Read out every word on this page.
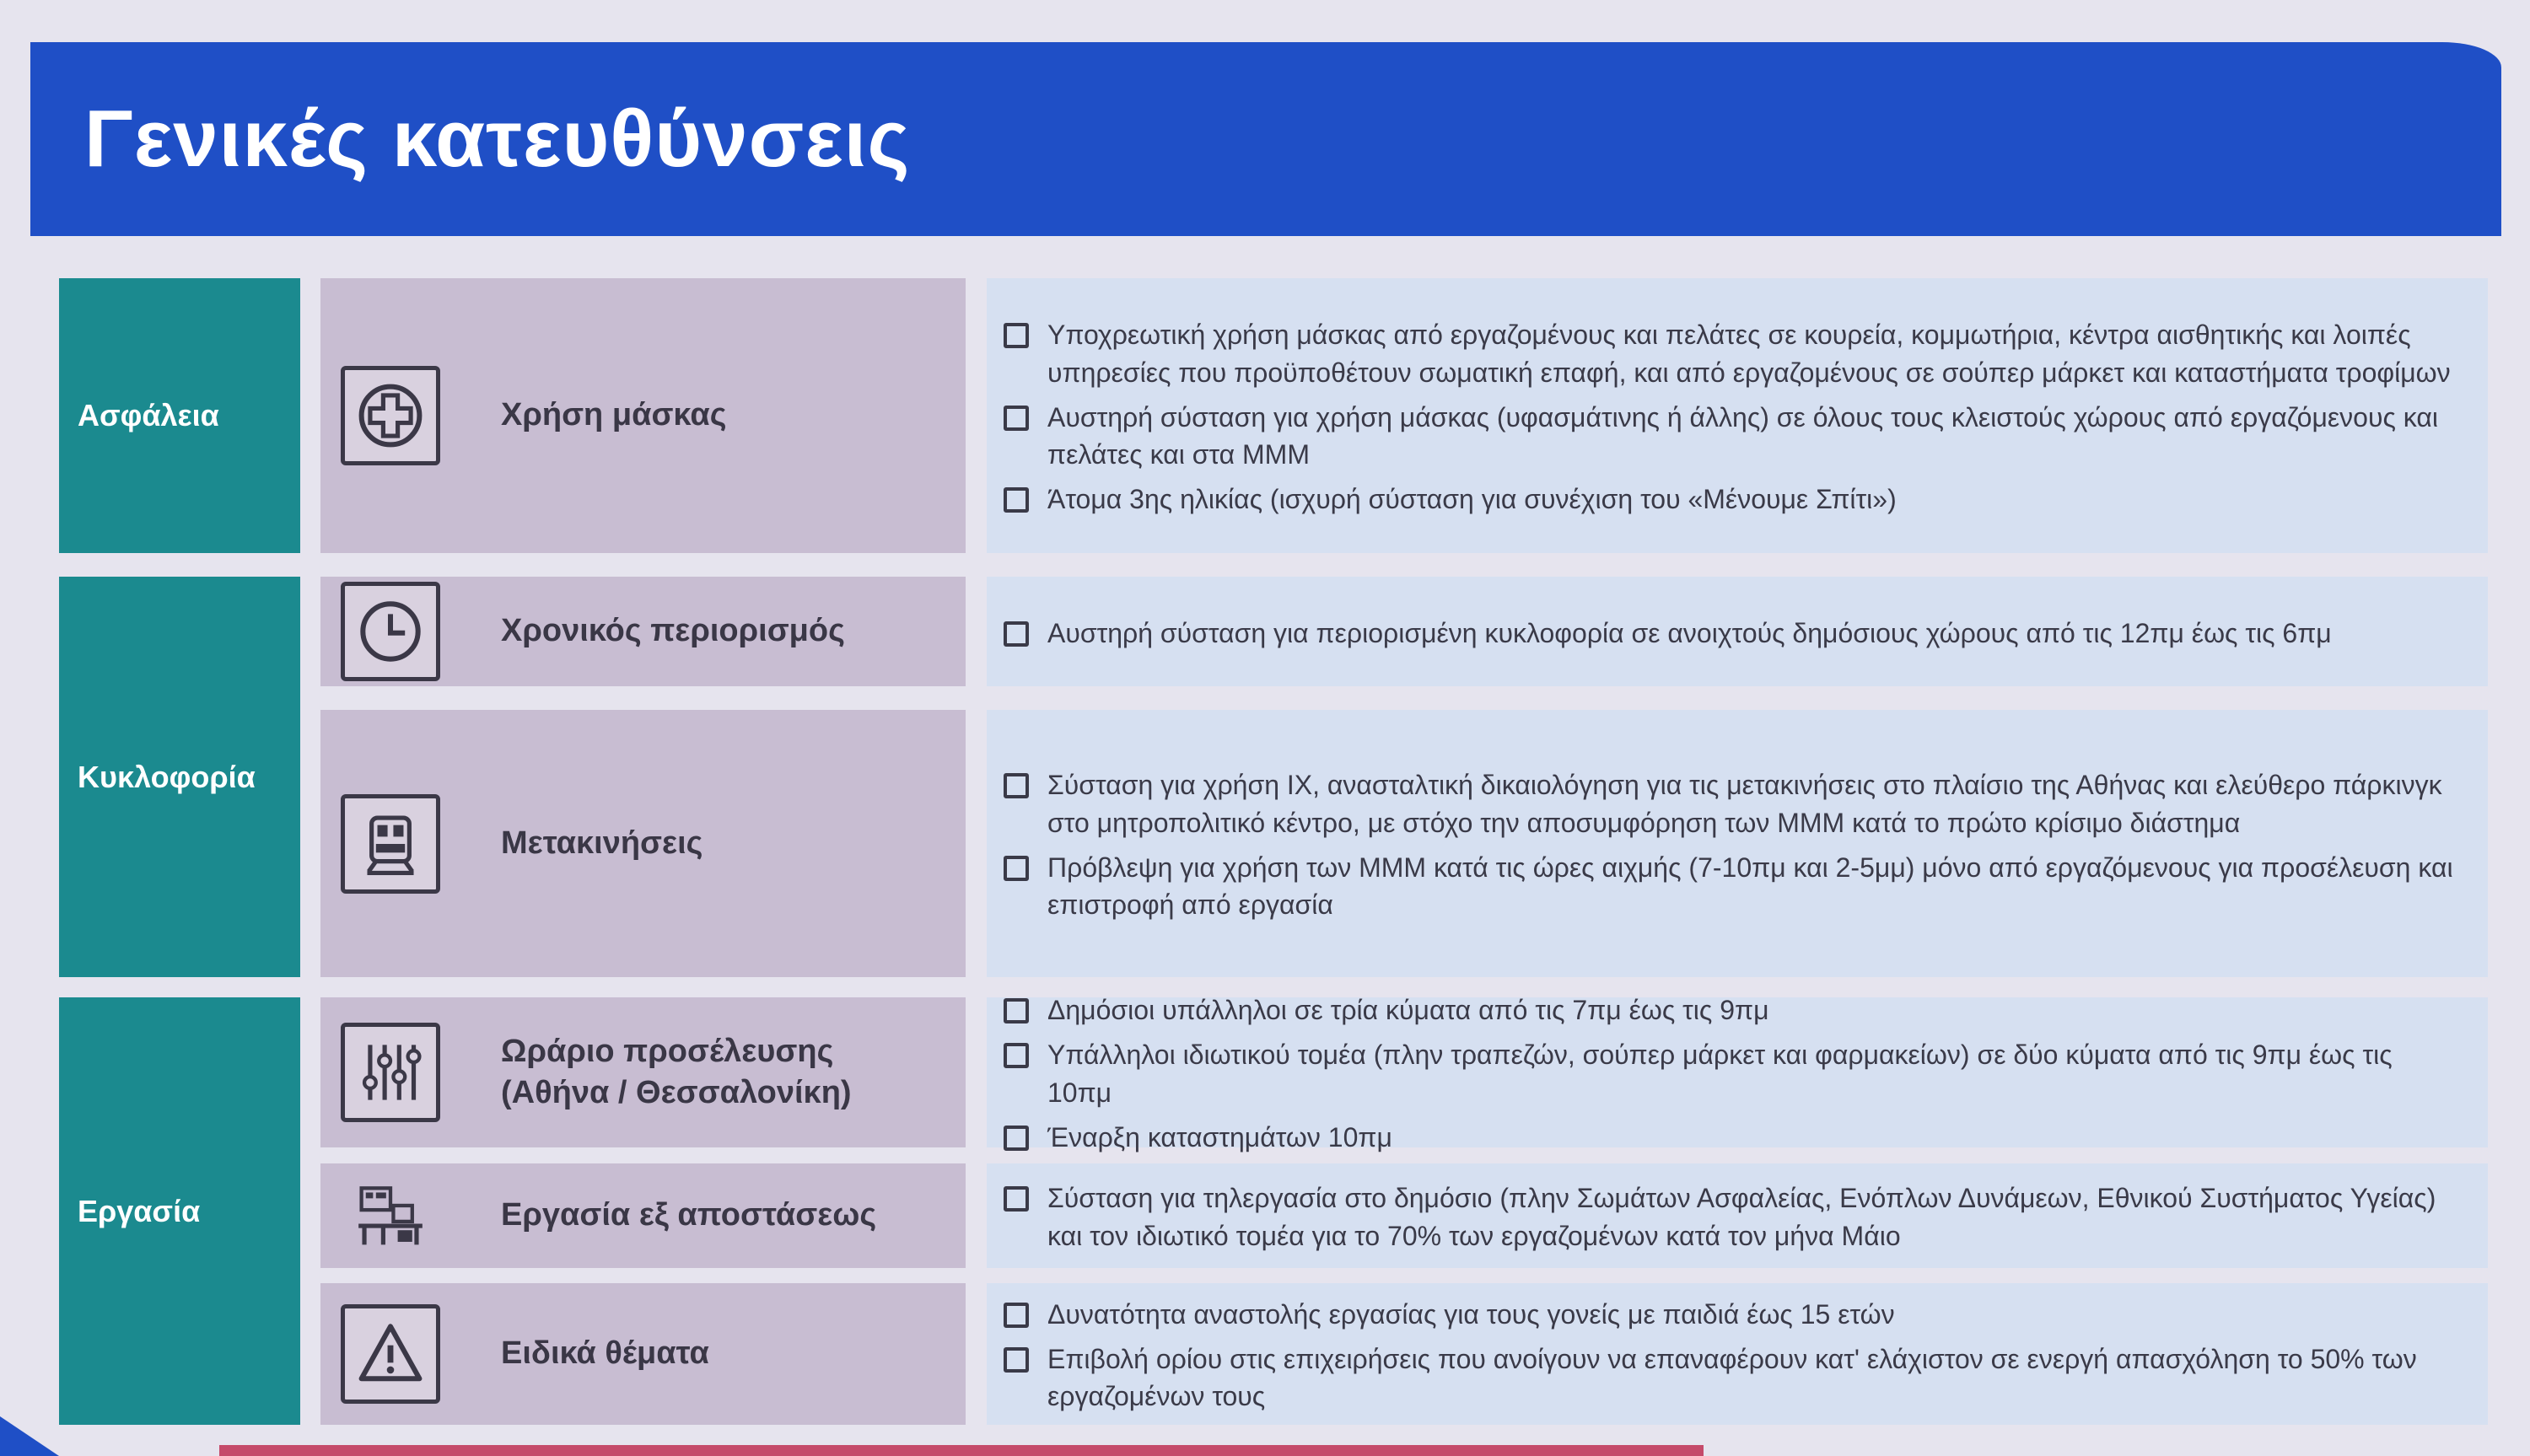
Γενικές κατευθύνσεις
Ασφάλεια
Κυκλοφορία
Εργασία
Χρήση μάσκας
Χρονικός περιορισμός
Μετακινήσεις
Ωράριο προσέλευσης
(Αθήνα / Θεσσαλονίκη)
Εργασία εξ αποστάσεως
Ειδικά θέματα
Υποχρεωτική χρήση μάσκας από εργαζομένους και πελάτες σε κουρεία, κομμωτήρια, κέντρα αισθητικής και λοιπές υπηρεσίες που προϋποθέτουν σωματική επαφή, και από εργαζομένους σε σούπερ μάρκετ και καταστήματα τροφίμων
Αυστηρή σύσταση για χρήση μάσκας (υφασμάτινης ή άλλης) σε όλους τους κλειστούς χώρους από εργαζόμενους και πελάτες και στα ΜΜΜ
Άτομα 3ης ηλικίας (ισχυρή σύσταση για συνέχιση του «Μένουμε Σπίτι»)
Αυστηρή σύσταση για περιορισμένη κυκλοφορία σε ανοιχτούς δημόσιους χώρους από τις 12πμ έως τις 6πμ
Σύσταση για χρήση IX, ανασταλτική δικαιολόγηση για τις μετακινήσεις στο πλαίσιο της Αθήνας και ελεύθερο πάρκινγκ στο μητροπολιτικό κέντρο, με στόχο την αποσυμφόρηση των ΜΜΜ κατά το πρώτο κρίσιμο διάστημα
Πρόβλεψη για χρήση των ΜΜΜ κατά τις ώρες αιχμής (7-10πμ και 2-5μμ) μόνο από εργαζόμενους για προσέλευση και επιστροφή από εργασία
Δημόσιοι υπάλληλοι σε τρία κύματα από τις 7πμ έως τις 9πμ
Υπάλληλοι ιδιωτικού τομέα (πλην τραπεζών, σούπερ μάρκετ και φαρμακείων) σε δύο κύματα από τις 9πμ έως τις 10πμ
Έναρξη καταστημάτων 10πμ
Σύσταση για τηλεργασία στο δημόσιο (πλην Σωμάτων Ασφαλείας, Ενόπλων Δυνάμεων, Εθνικού Συστήματος Υγείας) και τον ιδιωτικό τομέα για το 70% των εργαζομένων κατά τον μήνα Μάιο
Δυνατότητα αναστολής εργασίας για τους γονείς με παιδιά έως 15 ετών
Επιβολή ορίου στις επιχειρήσεις που ανοίγουν να επαναφέρουν κατ' ελάχιστον σε ενεργή απασχόληση το 50% των εργαζομένων τους
